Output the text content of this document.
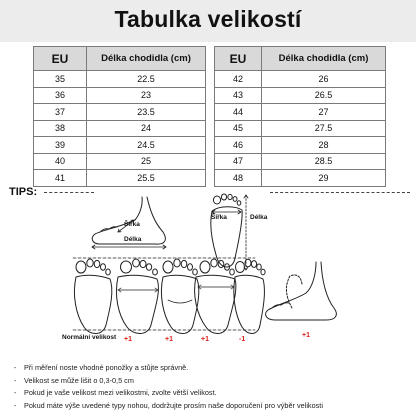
Tabulka velikostí
EU	Délka chodidla (cm)
35	22.5
36	23
37	23.5
38	24
39	24.5
40	25
41	25.5
EU	Délka chodidla (cm)
42	26
43	26.5
44	27
45	27.5
46	28
47	28.5
48	29
TIPS:
Šířka
Délka
Šířka	Délka
Normální velikost +1	+1	+1	-1
+1
- Při měření noste vhodné ponožky a stůjte správně.
- Velikost se může lišit o 0,3-0,5 cm
- Pokud je vaše velikost mezi velikostmi, zvolte větší velikost.
- Pokud máte výše uvedené typy nohou, dodržujte prosím naše doporučení pro výběr velikosti
